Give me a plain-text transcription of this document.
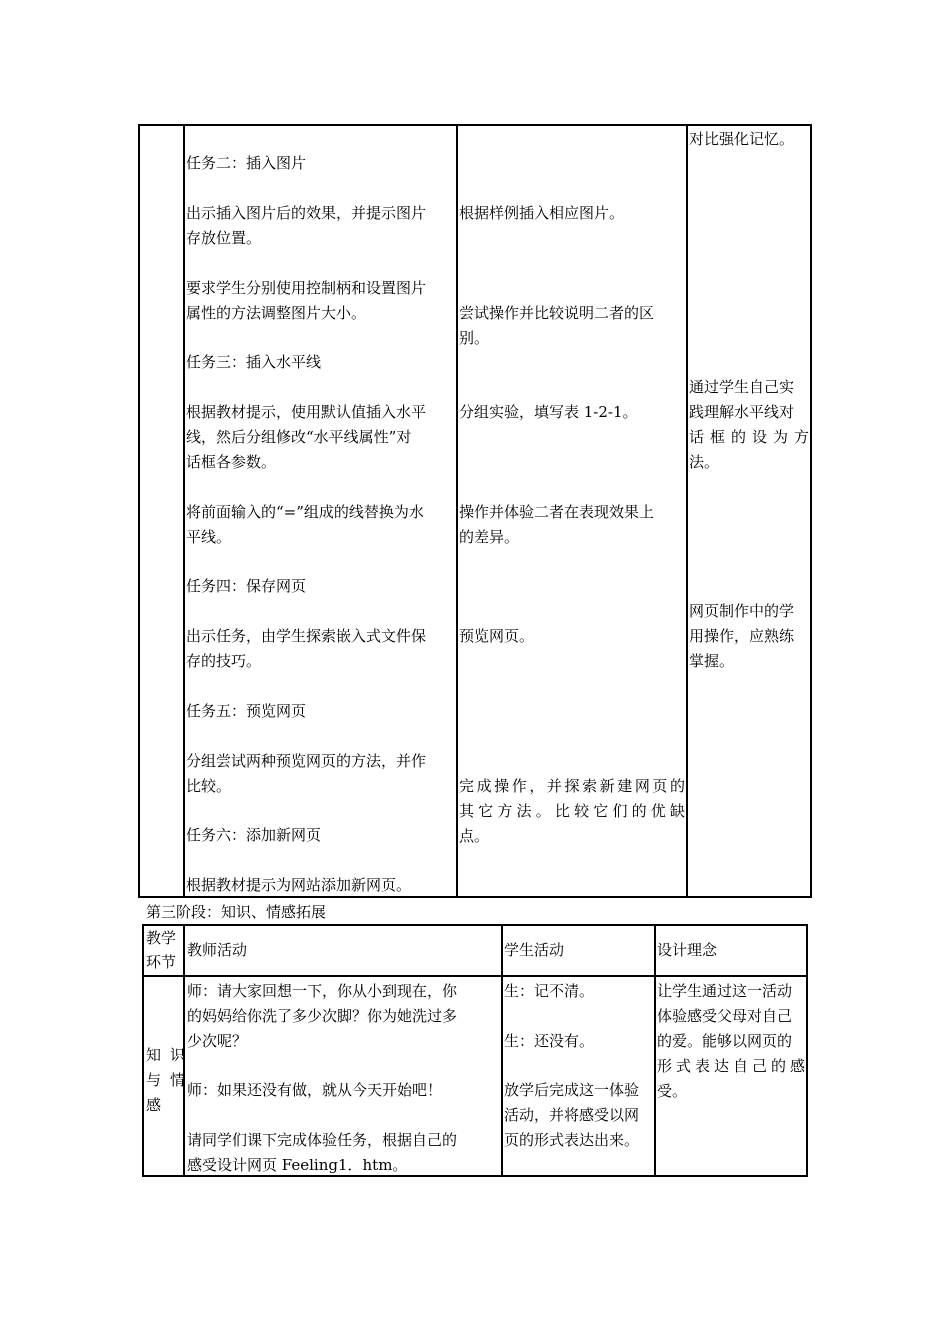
任务二：插入图片
出示插入图片后的效果，并提示图片
存放位置。
要求学生分别使用控制柄和设置图片
属性的方法调整图片大小。
任务三：插入水平线
根据教材提示，使用默认值插入水平
线，然后分组修改“水平线属性”对
话框各参数。
将前面输入的“=”组成的线替换为水
平线。
任务四：保存网页
出示任务，由学生探索嵌入式文件保
存的技巧。
任务五：预览网页
分组尝试两种预览网页的方法，并作
比较。
任务六：添加新网页
根据教材提示为网站添加新网页。
根据样例插入相应图片。
尝试操作并比较说明二者的区
别。
分组实验，填写表 1-2-1。
操作并体验二者在表现效果上
的差异。
预览网页。
完成操作，并探索新建网页的
其它方法。比较它们的优缺
点。
对比强化记忆。
通过学生自己实
践理解水平线对
话框的设为方
法。
网页制作中的学
用操作，应熟练
掌握。
第三阶段：知识、情感拓展
教学
环节
教师活动	学生活动	设计理念
知 识
与 情
感
师：请大家回想一下，你从小到现在，你
的妈妈给你洗了多少次脚？你为她洗过多
少次呢？
师：如果还没有做，就从今天开始吧！
请同学们课下完成体验任务，根据自己的
感受设计网页 Feeling1．htm。
生：记不清。
生：还没有。
放学后完成这一体验
活动，并将感受以网
页的形式表达出来。
让学生通过这一活动
体验感受父母对自己
的爱。能够以网页的
形式表达自己的感
受。
